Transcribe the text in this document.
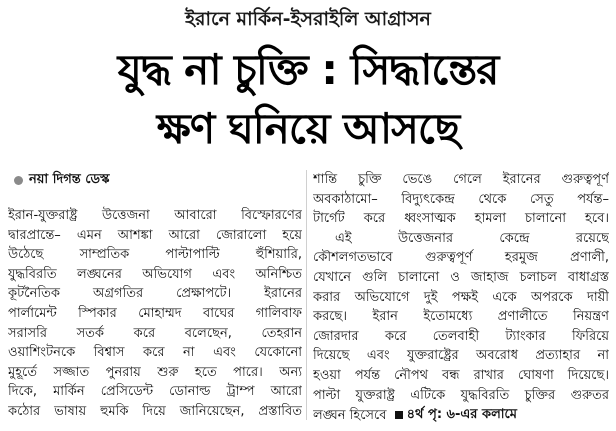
ইরানে মার্কিন-ইসরাইলি আগ্রাসন
যুদ্ধ না চুক্তি : সিদ্ধান্তের
ক্ষণ ঘনিয়ে আসছে
নয়া দিগন্ত ডেস্ক
ইরান-যুক্তরাষ্ট্র উত্তেজনা আবারো বিস্ফোরণের
দ্বারপ্রান্তে– এমন আশঙ্কা আরো জোরালো হয়ে
উঠেছে সাম্প্রতিক পাল্টাপাল্টি হুঁশিয়ারি,
যুদ্ধবিরতি লঙ্ঘনের অভিযোগ এবং অনিশ্চিত
কূটনৈতিক অগ্রগতির প্রেক্ষাপটে। ইরানের
পার্লামেন্ট স্পিকার মোহাম্মদ বাঘের গালিবাফ
সরাসরি সতর্ক করে বলেছেন, তেহরান
ওয়াশিংটনকে বিশ্বাস করে না এবং যেকোনো
মুহূর্তে সজ্জাত পুনরায় শুরু হতে পারে। অন্য
দিকে, মার্কিন প্রেসিডেন্ট ডোনাল্ড ট্রাম্প আরো
কঠোর ভাষায় হুমকি দিয়ে জানিয়েছেন, প্রস্তাবিত
শান্তি চুক্তি ভেঙে গেলে ইরানের গুরুত্বপূর্ণ
অবকাঠামো– বিদ্যুৎকেন্দ্র থেকে সেতু পর্যন্ত–
টার্গেট করে ধ্বংসাত্মক হামলা চালানো হবে।
এই উত্তেজনার কেন্দ্রে রয়েছে
কৌশলগতভাবে গুরুত্বপূর্ণ হরমুজ প্রণালী,
যেখানে গুলি চালানো ও জাহাজ চলাচল বাধাগ্রস্ত
করার অভিযোগে দুই পক্ষই একে অপরকে দায়ী
করছে। ইরান ইতোমধ্যে প্রণালীতে নিয়ন্ত্রণ
জোরদার করে তেলবাহী ট্যাংকার ফিরিয়ে
দিয়েছে এবং যুক্তরাষ্ট্রের অবরোধ প্রত্যাহার না
হওয়া পর্যন্ত নৌপথ বন্ধ রাখার ঘোষণা দিয়েছে।
পাল্টা যুক্তরাষ্ট্র এটিকে যুদ্ধবিরতি চুক্তির গুরুতর
লঙ্ঘন হিসেবে ৪র্থ পৃ: ৬-এর কলামে
